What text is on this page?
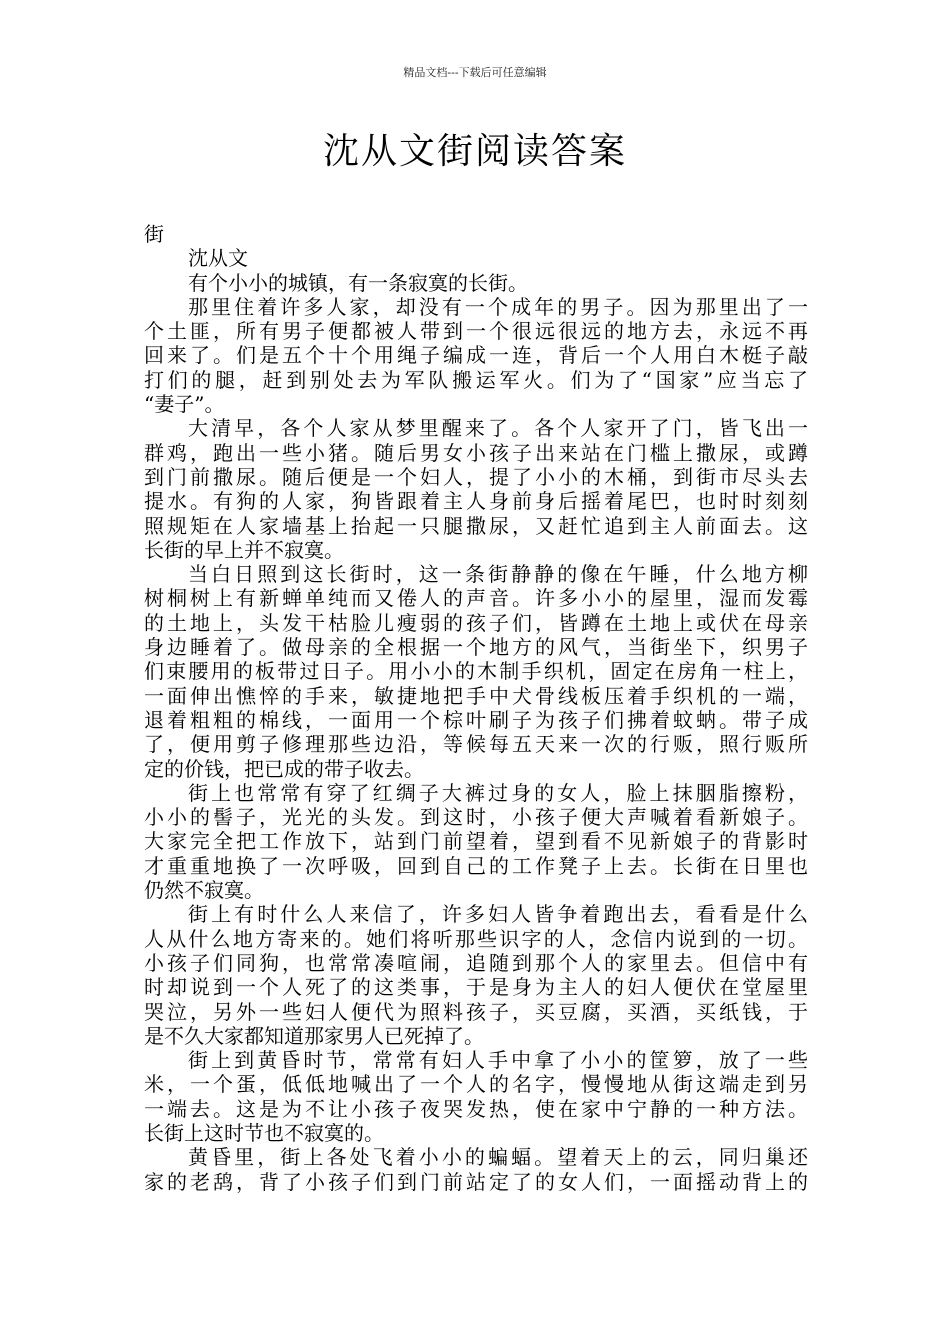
精品文档---下载后可任意编辑
沈从文街阅读答案
街
沈从文
有个小小的城镇，有一条寂寞的长街。
那里住着许多人家，却没有一个成年的男子。因为那里出了一
个土匪，所有男子便都被人带到一个很远很远的地方去，永远不再
回来了。们是五个十个用绳子编成一连，背后一个人用白木梃子敲
打们的腿，赶到别处去为军队搬运军火。们为了“国家”应当忘了
“妻子”。
大清早，各个人家从梦里醒来了。各个人家开了门，皆飞出一
群鸡，跑出一些小猪。随后男女小孩子出来站在门槛上撒尿，或蹲
到门前撒尿。随后便是一个妇人，提了小小的木桶，到街市尽头去
提水。有狗的人家，狗皆跟着主人身前身后摇着尾巴，也时时刻刻
照规矩在人家墙基上抬起一只腿撒尿，又赶忙追到主人前面去。这
长街的早上并不寂寞。
当白日照到这长街时，这一条街静静的像在午睡，什么地方柳
树桐树上有新蝉单纯而又倦人的声音。许多小小的屋里，湿而发霉
的土地上，头发干枯脸儿瘦弱的孩子们，皆蹲在土地上或伏在母亲
身边睡着了。做母亲的全根据一个地方的风气，当街坐下，织男子
们束腰用的板带过日子。用小小的木制手织机，固定在房角一柱上，
一面伸出憔悴的手来，敏捷地把手中犬骨线板压着手织机的一端，
退着粗粗的棉线，一面用一个棕叶刷子为孩子们拂着蚊蚋。带子成
了，便用剪子修理那些边沿，等候每五天来一次的行贩，照行贩所
定的价钱，把已成的带子收去。
街上也常常有穿了红绸子大裤过身的女人，脸上抹胭脂擦粉，
小小的髻子，光光的头发。到这时，小孩子便大声喊着看新娘子。
大家完全把工作放下，站到门前望着，望到看不见新娘子的背影时
才重重地换了一次呼吸，回到自己的工作凳子上去。长街在日里也
仍然不寂寞。
街上有时什么人来信了，许多妇人皆争着跑出去，看看是什么
人从什么地方寄来的。她们将听那些识字的人，念信内说到的一切。
小孩子们同狗，也常常凑喧闹，追随到那个人的家里去。但信中有
时却说到一个人死了的这类事，于是身为主人的妇人便伏在堂屋里
哭泣，另外一些妇人便代为照料孩子，买豆腐，买酒，买纸钱，于
是不久大家都知道那家男人已死掉了。
街上到黄昏时节，常常有妇人手中拿了小小的筐箩，放了一些
米，一个蛋，低低地喊出了一个人的名字，慢慢地从街这端走到另
一端去。这是为不让小孩子夜哭发热，使在家中宁静的一种方法。
长街上这时节也不寂寞的。
黄昏里，街上各处飞着小小的蝙蝠。望着天上的云，同归巢还
家的老鸹，背了小孩子们到门前站定了的女人们，一面摇动背上的
